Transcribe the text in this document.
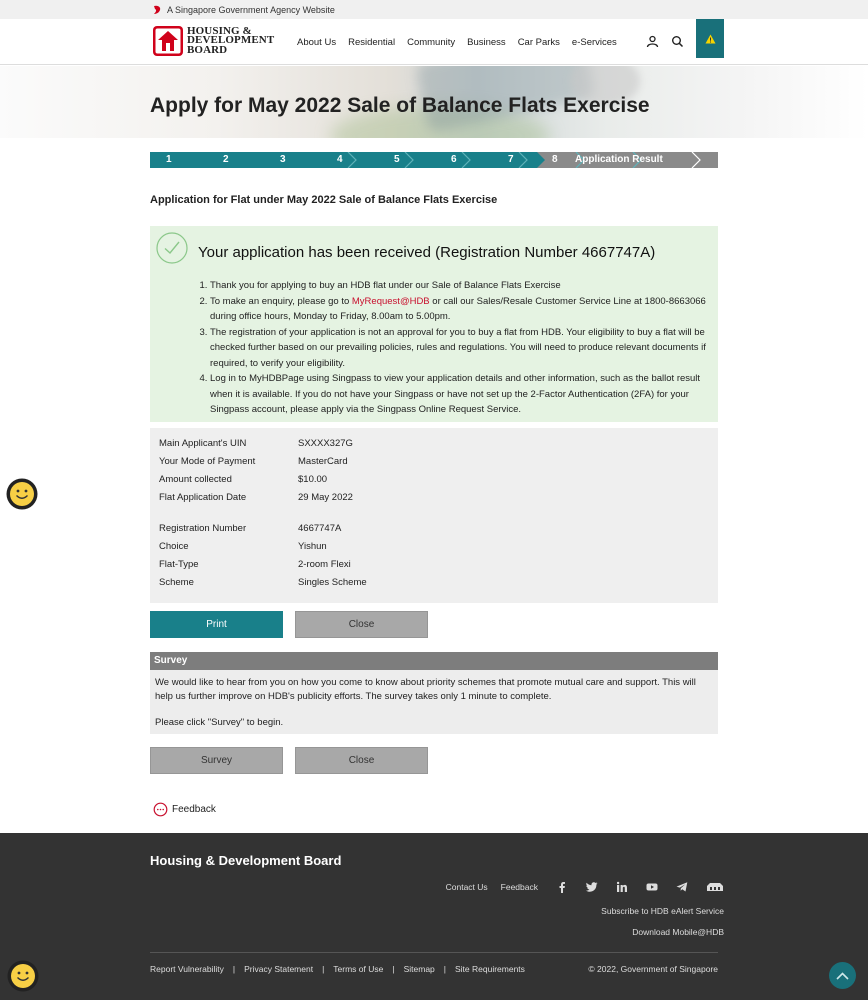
A Singapore Government Agency Website
HOUSING &
DEVELOPMENT
BOARD
About Us Residential Community Business Car Parks e-Services
Apply for May 2022 Sale of Balance Flats Exercise
1	2	3	4	5	6	7	8 Application Result
Application for Flat under May 2022 Sale of Balance Flats Exercise
Your application has been received (Registration Number 4667747A)
1. Thank you for applying to buy an HDB flat under our Sale of Balance Flats Exercise
2. To make an enquiry, please go to MyRequest@HDB or call our Sales/Resale Customer Service Line at 1800-8663066 during office hours, Monday to Friday, 8.00am to 5.00pm.
3. The registration of your application is not an approval for you to buy a flat from HDB. Your eligibility to buy a flat will be checked further based on our prevailing policies, rules and regulations. You will need to produce relevant documents if required, to verify your eligibility.
4. Log in to MyHDBPage using Singpass to view your application details and other information, such as the ballot result when it is available. If you do not have your Singpass or have not set up the 2-Factor Authentication (2FA) for your Singpass account, please apply via the Singpass Online Request Service.
Main Applicant's UIN	SXXXX327G
Your Mode of Payment	MasterCard
Amount collected	$10.00
Flat Application Date	29 May 2022
Registration Number	4667747A
Choice	Yishun
Flat-Type	2-room Flexi
Scheme	Singles Scheme
Print	Close
Survey
We would like to hear from you on how you come to know about priority schemes that promote mutual care and support. This will help us further improve on HDB's publicity efforts. The survey takes only 1 minute to complete.
Please click "Survey" to begin.
Survey	Close
Feedback
Housing & Development Board
Contact Us Feedback
Subscribe to HDB eAlert Service
Download Mobile@HDB
Report Vulnerability | Privacy Statement | Terms of Use | Sitemap | Site Requirements	© 2022, Government of Singapore
